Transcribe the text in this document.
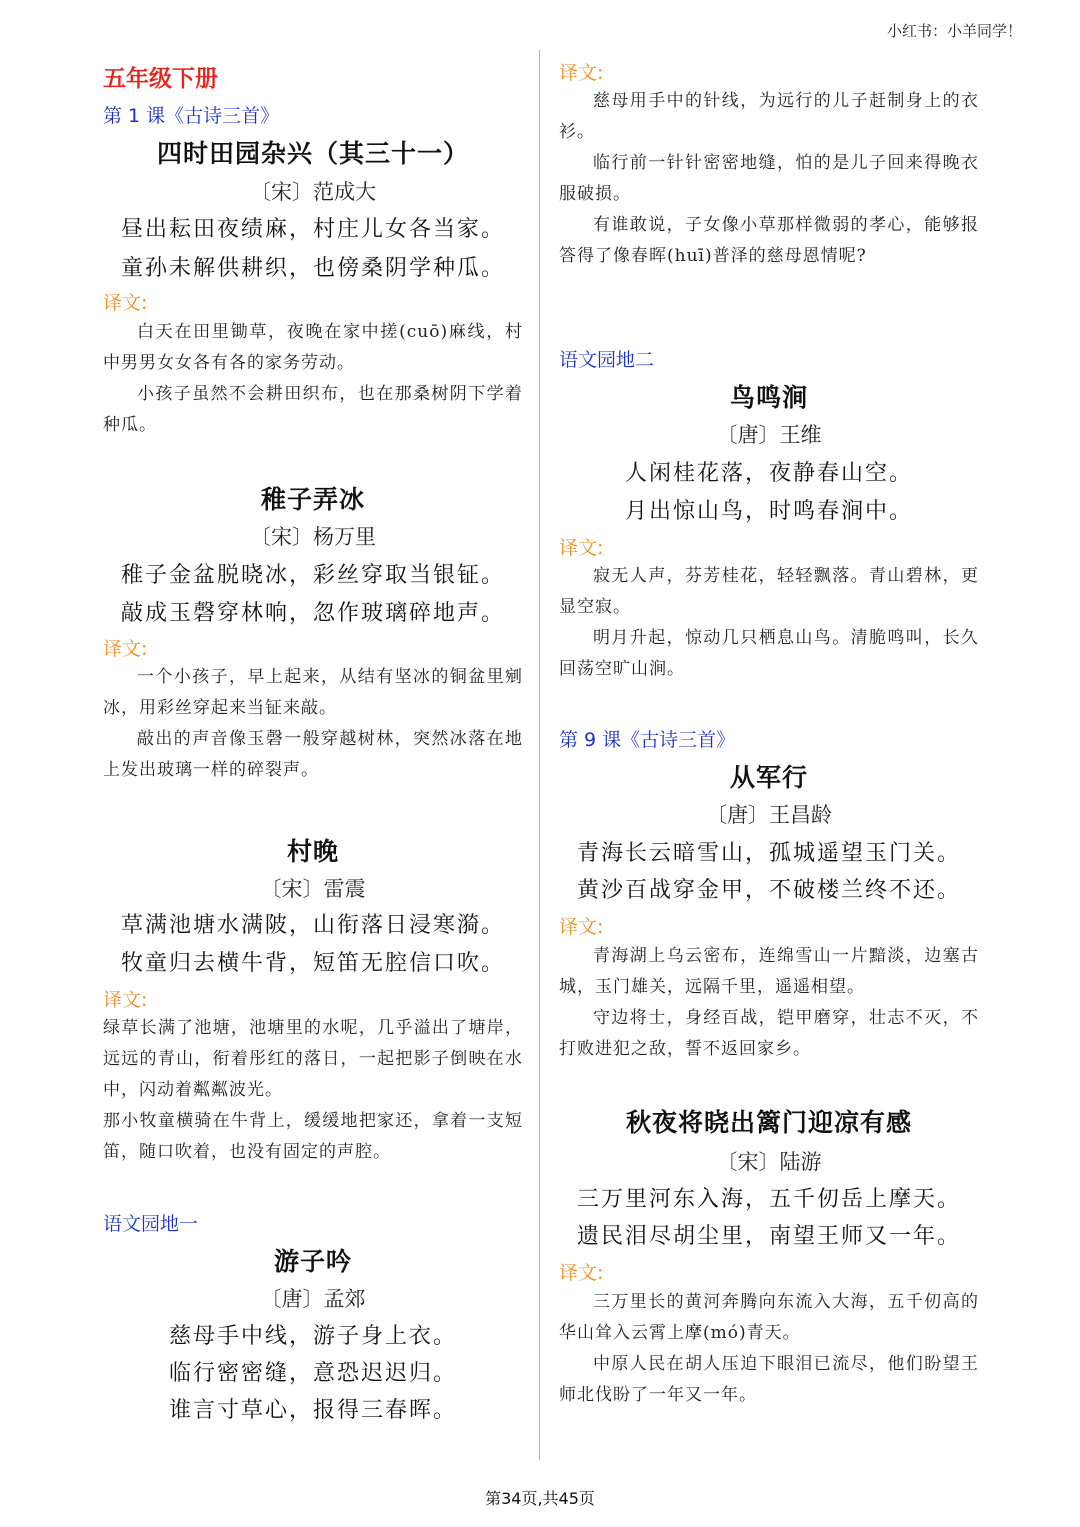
小红书：小羊同学！
五年级下册
第 1 课《古诗三首》
四时田园杂兴（其三十一）
〔宋〕范成大
昼出耘田夜绩麻，村庄儿女各当家。
童孙未解供耕织，也傍桑阴学种瓜。
译文:

白天在田里锄草，夜晚在家中搓(cuō)麻线，村中男男女女各有各的家务劳动。

小孩子虽然不会耕田织布，也在那桑树阴下学着种瓜。

稚子弄冰
〔宋〕杨万里
稚子金盆脱晓冰，彩丝穿取当银钲。
敲成玉磬穿林响，忽作玻璃碎地声。
译文:

一个小孩子，早上起来，从结有坚冰的铜盆里剜冰，用彩丝穿起来当钲来敲。

敲出的声音像玉磬一般穿越树林，突然冰落在地上发出玻璃一样的碎裂声。

村晚
〔宋〕雷震
草满池塘水满陂，山衔落日浸寒漪。
牧童归去横牛背，短笛无腔信口吹。
译文:

绿草长满了池塘，池塘里的水呢，几乎溢出了塘岸，远远的青山，衔着彤红的落日，一起把影子倒映在水中，闪动着粼粼波光。

那小牧童横骑在牛背上，缓缓地把家还，拿着一支短笛，随口吹着，也没有固定的声腔。

语文园地一
游子吟
〔唐〕孟郊
慈母手中线，游子身上衣。
临行密密缝，意恐迟迟归。
谁言寸草心，报得三春晖。
译文:

慈母用手中的针线，为远行的儿子赶制身上的衣衫。

临行前一针针密密地缝，怕的是儿子回来得晚衣服破损。

有谁敢说，子女像小草那样微弱的孝心，能够报答得了像春晖(huī)普泽的慈母恩情呢?

语文园地二
鸟鸣涧
〔唐〕王维
人闲桂花落，夜静春山空。
月出惊山鸟，时鸣春涧中。
译文:

寂无人声，芬芳桂花，轻轻飘落。青山碧林，更显空寂。

明月升起，惊动几只栖息山鸟。清脆鸣叫，长久回荡空旷山涧。

第 9 课《古诗三首》
从军行
〔唐〕王昌龄
青海长云暗雪山，孤城遥望玉门关。
黄沙百战穿金甲，不破楼兰终不还。
译文:

青海湖上乌云密布，连绵雪山一片黯淡，边塞古城，玉门雄关，远隔千里，遥遥相望。

守边将士，身经百战，铠甲磨穿，壮志不灭，不打败进犯之敌，誓不返回家乡。

秋夜将晓出篱门迎凉有感
〔宋〕陆游
三万里河东入海，五千仞岳上摩天。
遗民泪尽胡尘里，南望王师又一年。
译文:

三万里长的黄河奔腾向东流入大海，五千仞高的华山耸入云霄上摩(mó)青天。

中原人民在胡人压迫下眼泪已流尽，他们盼望王师北伐盼了一年又一年。

第34页,共45页
